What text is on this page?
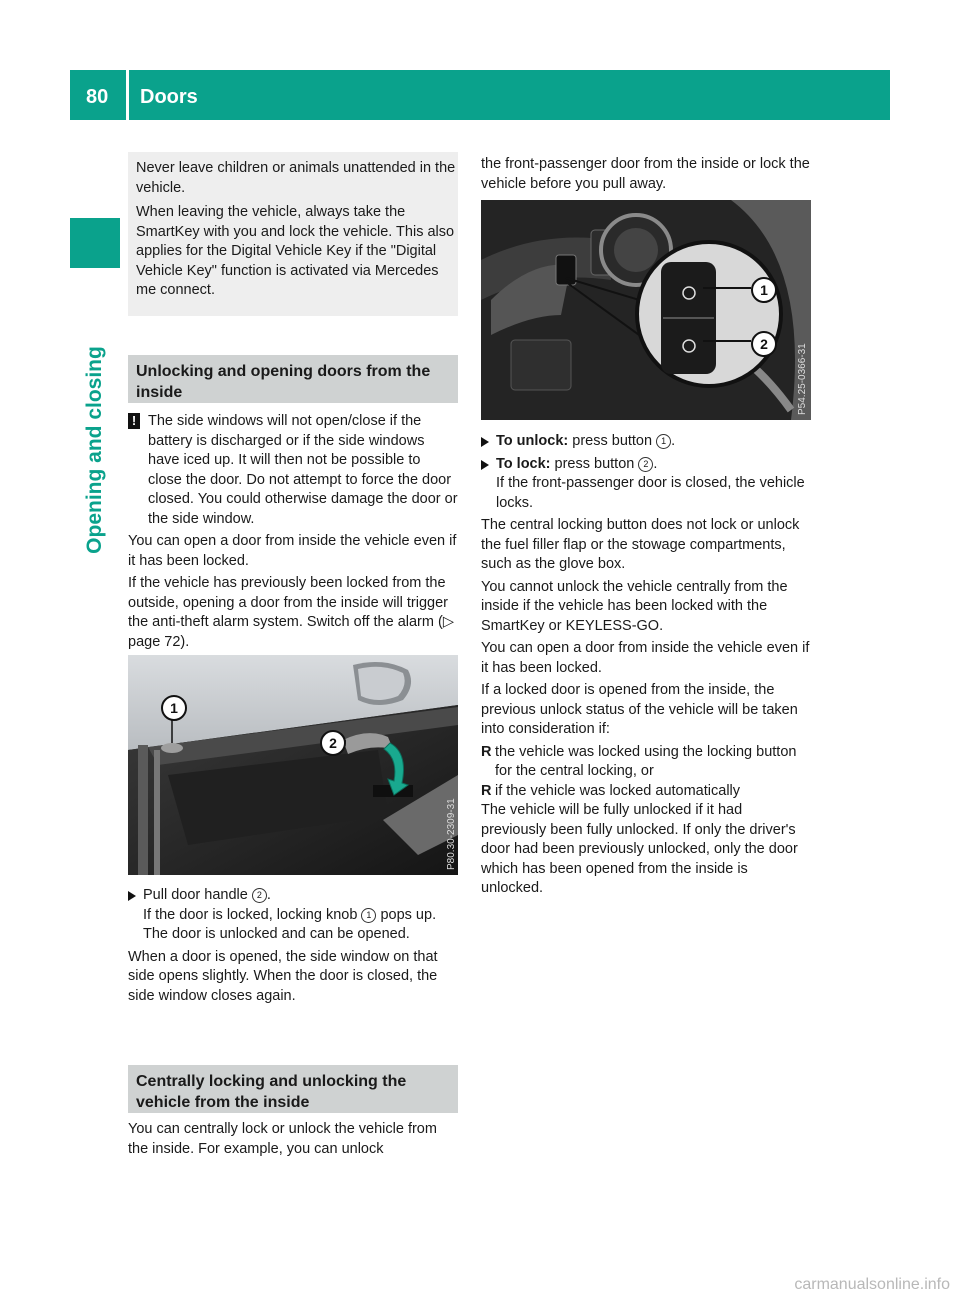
80 Doors
Opening and closing

Never leave children or animals unattended in the vehicle.

When leaving the vehicle, always take the SmartKey with you and lock the vehicle. This also applies for the Digital Vehicle Key if the "Digital Vehicle Key" function is activated via Mercedes me connect.

Unlocking and opening doors from the inside
! The side windows will not open/close if the battery is discharged or if the side windows have iced up. It will then not be possible to close the door. Do not attempt to force the door closed. You could otherwise damage the door or the side window.

You can open a door from inside the vehicle even if it has been locked.

If the vehicle has previously been locked from the outside, opening a door from the inside will trigger the anti-theft alarm system. Switch off the alarm (▷ page 72).

1
2
P80.30-2309-31
Pull door handle 2 .
If the door is locked, locking knob 1 pops up. The door is unlocked and can be opened.

When a door is opened, the side window on that side opens slightly. When the door is closed, the side window closes again.

Centrally locking and unlocking the vehicle from the inside

You can centrally lock or unlock the vehicle from the inside. For example, you can unlock

the front-passenger door from the inside or lock the vehicle before you pull away.

1
2	P54.25-0366-31
To unlock: press button 1 .
To lock: press button 2 .
If the front-passenger door is closed, the vehicle locks.

The central locking button does not lock or unlock the fuel filler flap or the stowage compartments, such as the glove box.

You cannot unlock the vehicle centrally from the inside if the vehicle has been locked with the SmartKey or KEYLESS-GO.

You can open a door from inside the vehicle even if it has been locked.

If a locked door is opened from the inside, the previous unlock status of the vehicle will be taken into consideration if:

R the vehicle was locked using the locking button for the central locking, or
R if the vehicle was locked automatically

The vehicle will be fully unlocked if it had previously been fully unlocked. If only the driver's door had been previously unlocked, only the door which has been opened from the inside is unlocked.

carmanualsonline.info
